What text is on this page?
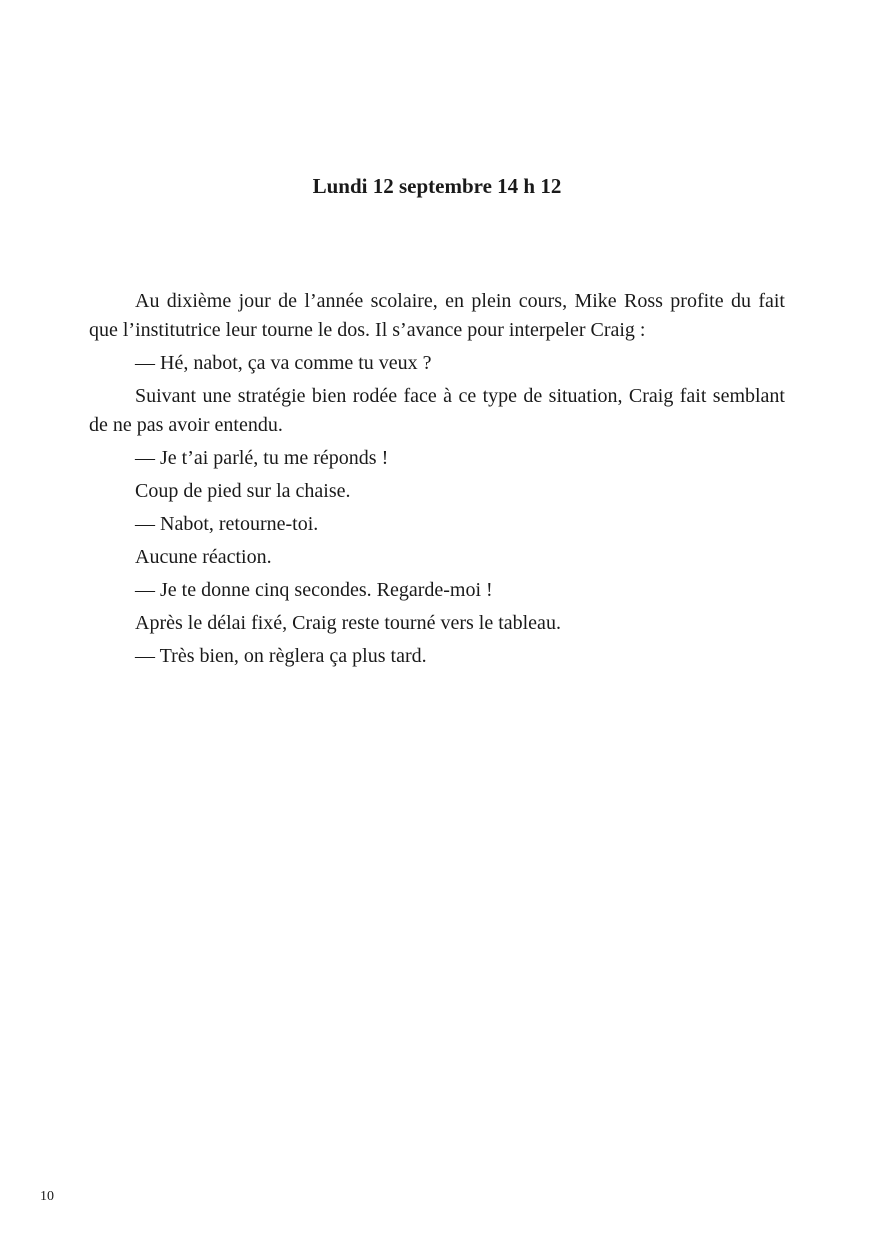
Lundi 12 septembre 14 h 12

Au dixième jour de l’année scolaire, en plein cours, Mike Ross profite du fait que l’institutrice leur tourne le dos. Il s’avance pour interpeler Craig :

— Hé, nabot, ça va comme tu veux ?

Suivant une stratégie bien rodée face à ce type de situation, Craig fait semblant de ne pas avoir entendu.

— Je t’ai parlé, tu me réponds !

Coup de pied sur la chaise.

— Nabot, retourne-toi.

Aucune réaction.

— Je te donne cinq secondes. Regarde-moi !

Après le délai fixé, Craig reste tourné vers le tableau.

— Très bien, on règlera ça plus tard.

10
